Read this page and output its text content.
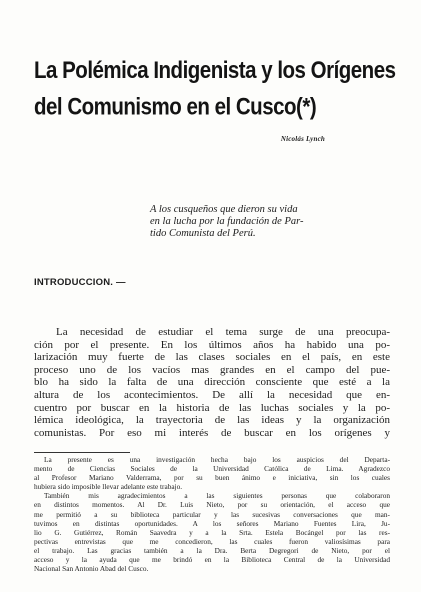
La Polémica Indigenista y los Orígenes
del Comunismo en el Cusco(*)
Nicolás Lynch
A los cusqueños que dieron su vida
en la lucha por la fundación de Par-
tido Comunista del Perú.
INTRODUCCION. —
La necesidad de estudiar el tema surge de una preocupa-
ción por el presente. En los últimos años ha habido una po-
larización muy fuerte de las clases sociales en el país, en este
proceso uno de los vacíos mas grandes en el campo del pue-
blo ha sido la falta de una dirección consciente que esté a la
altura de los acontecimientos. De allí la necesidad que en-
cuentro por buscar en la historia de las luchas sociales y la po-
lémica ideológica, la trayectoria de las ideas y la organización
comunistas. Por eso mi interés de buscar en los orígenes y
La presente es una investigación hecha bajo los auspicios del Departa-
mento de Ciencias Sociales de la Universidad Católica de Lima. Agradezco
al Profesor Mariano Valderrama, por su buen ánimo e iniciativa, sin los cuales
hubiera sido imposible llevar adelante este trabajo.
También mis agradecimientos a las siguientes personas que colaboraron
en distintos momentos. Al Dr. Luis Nieto, por su orientación, el acceso que
me permitió a su biblioteca particular y las sucesivas conversaciones que man-
tuvimos en distintas oportunidades. A los señores Mariano Fuentes Lira, Ju-
lio G. Gutiérrez, Román Saavedra y a la Srta. Estela Bocángel por las res-
pectivas entrevistas que me concedieron, las cuales fueron valiosísimas para
el trabajo. Las gracias también a la Dra. Berta Degregori de Nieto, por el
acceso y la ayuda que me brindó en la Biblioteca Central de la Universidad
Nacional San Antonio Abad del Cusco.
